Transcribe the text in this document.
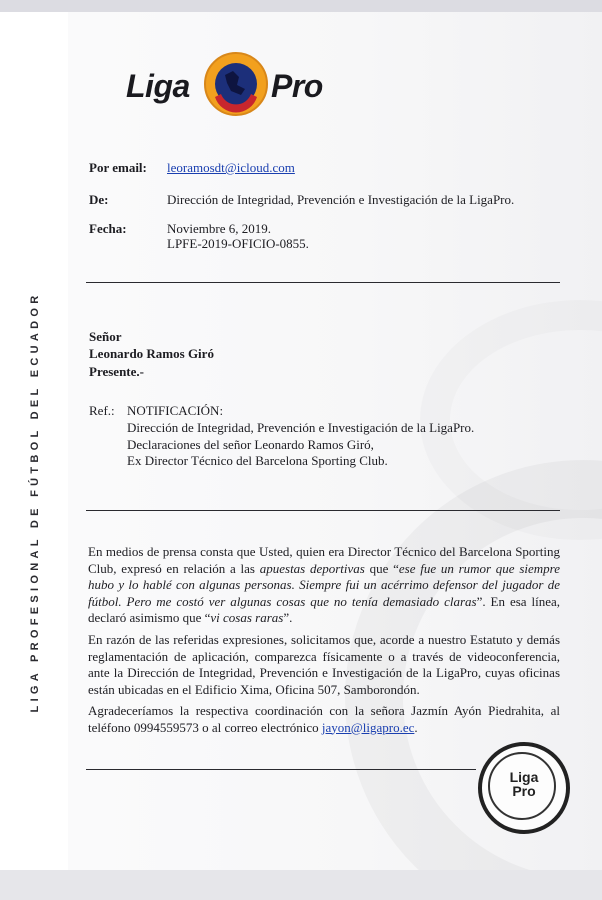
LIGA PROFESIONAL DE FÚTBOL DEL ECUADOR
Liga	Pro
Por email: leoramosdt@icloud.com
De:	Dirección de Integridad, Prevención e Investigación de la LigaPro.
Fecha:	Noviembre 6, 2019.
LPFE-2019-OFICIO-0855.
Señor
Leonardo Ramos Giró
Presente.-
Ref.: NOTIFICACIÓN:
Dirección de Integridad, Prevención e Investigación de la LigaPro.
Declaraciones del señor Leonardo Ramos Giró,
Ex Director Técnico del Barcelona Sporting Club.
En medios de prensa consta que Usted, quien era Director Técnico del Barcelona Sporting Club, expresó en relación a las apuestas deportivas que “ese fue un rumor que siempre hubo y lo hablé con algunas personas. Siempre fui un acérrimo defensor del jugador de fútbol. Pero me costó ver algunas cosas que no tenía demasiado claras”. En esa línea, declaró asimismo que “vi cosas raras”.
En razón de las referidas expresiones, solicitamos que, acorde a nuestro Estatuto y demás reglamentación de aplicación, comparezca físicamente o a través de videoconferencia, ante la Dirección de Integridad, Prevención e Investigación de la LigaPro, cuyas oficinas están ubicadas en el Edificio Xima, Oficina 507, Samborondón.
Agradeceríamos la respectiva coordinación con la señora Jazmín Ayón Piedrahita, al teléfono 0994559573 o al correo electrónico jayon@ligapro.ec.
Liga
Pro
